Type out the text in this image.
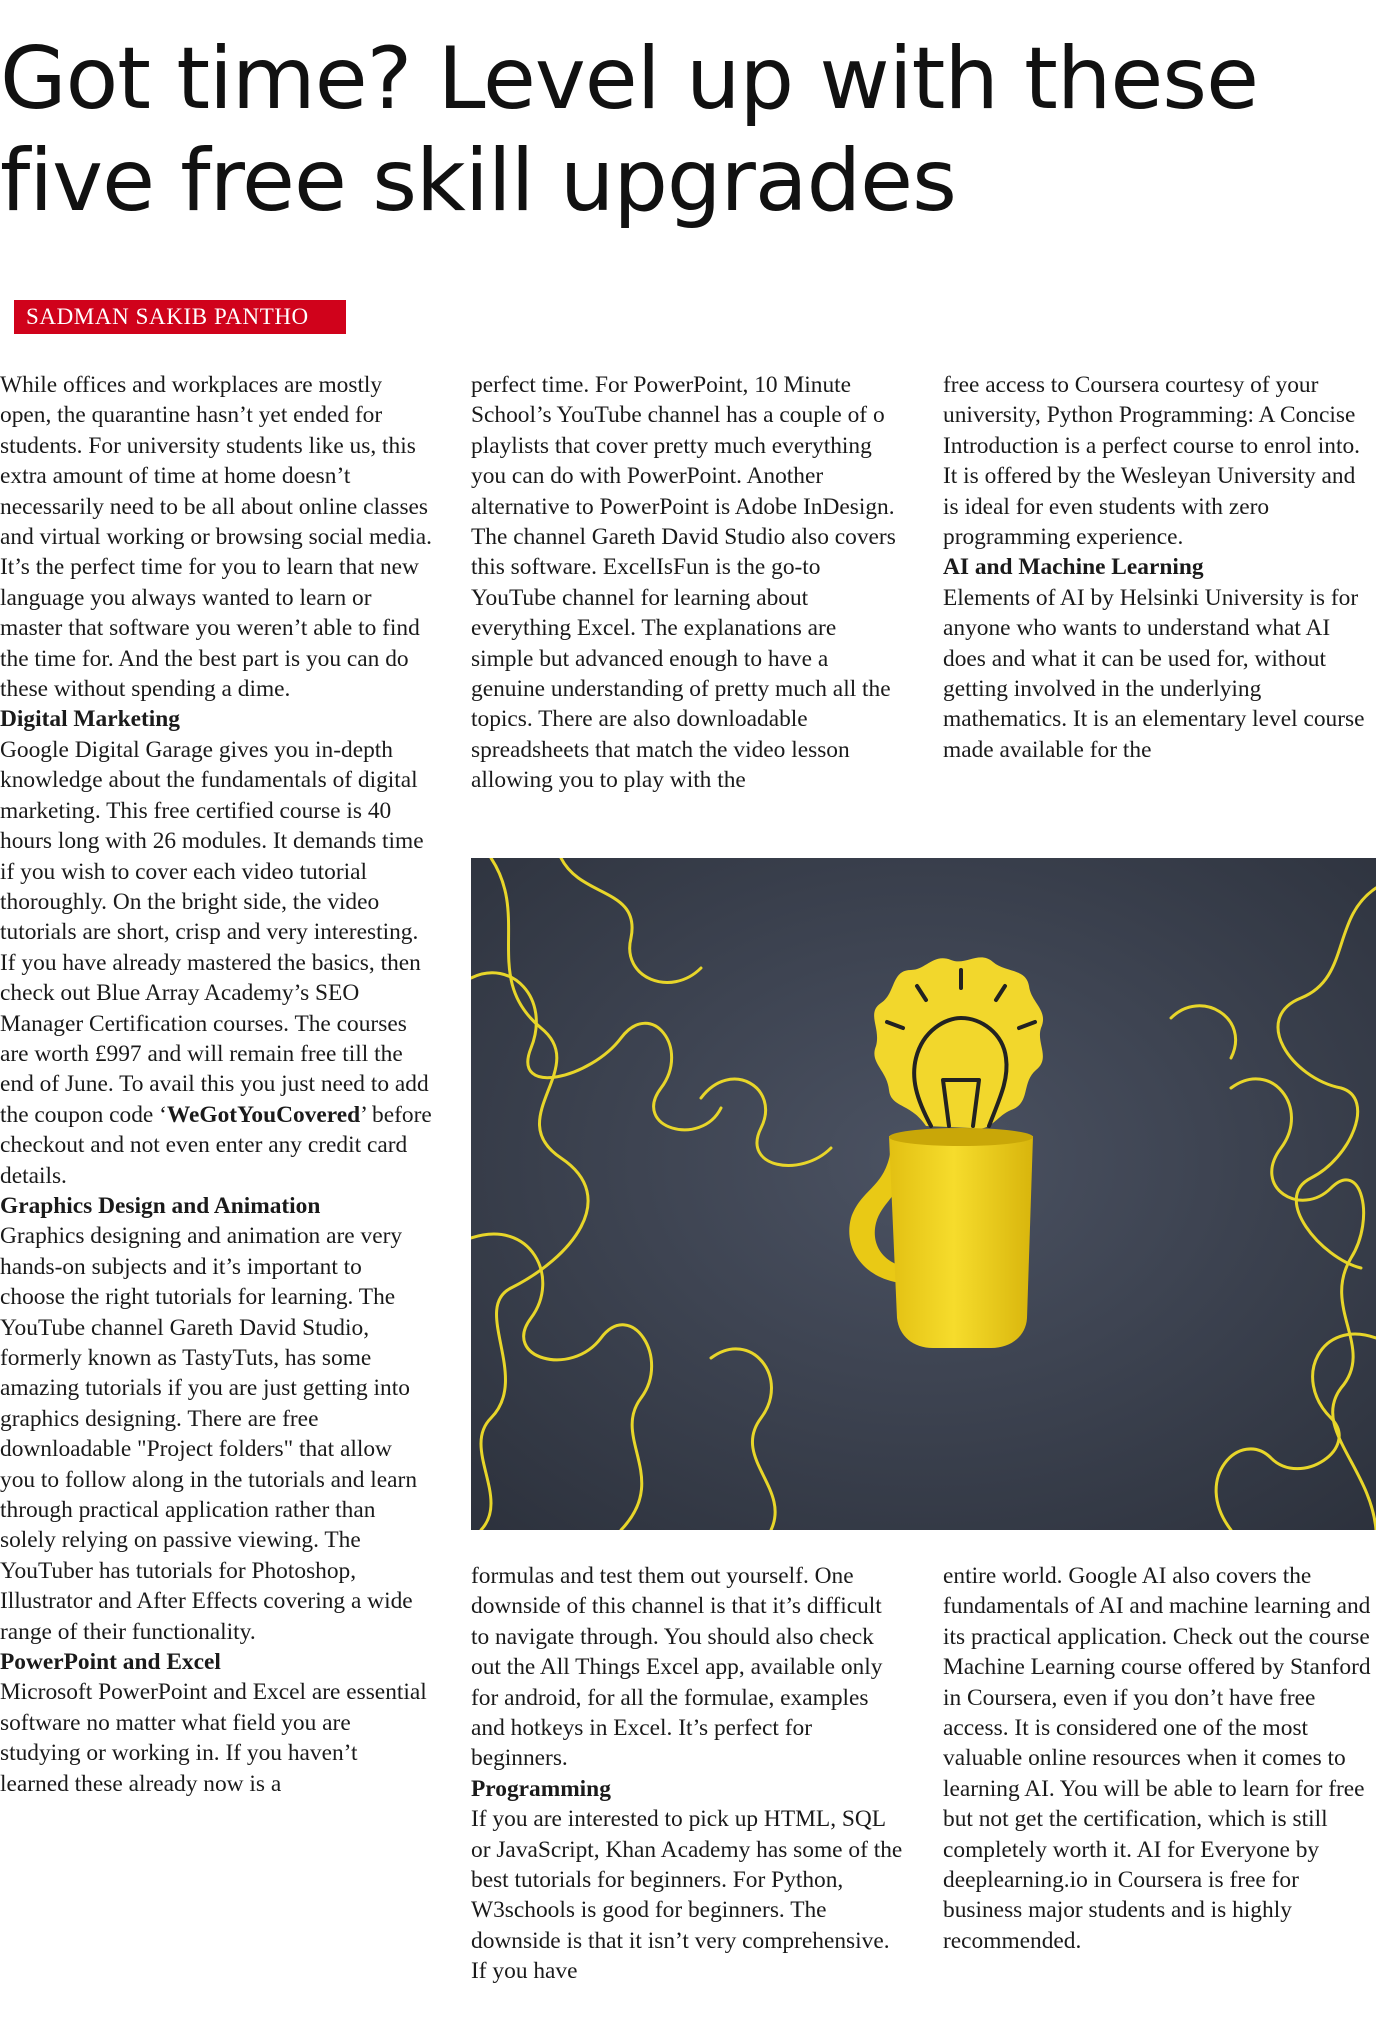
Got time? Level up with these five free skill upgrades
SADMAN SAKIB PANTHO

While offices and workplaces are mostly open, the quarantine hasn’t yet ended for students. For university students like us, this extra amount of time at home doesn’t necessarily need to be all about online classes and virtual working or browsing social media. It’s the perfect time for you to learn that new language you always wanted to learn or master that software you weren’t able to find the time for. And the best part is you can do these without spending a dime.

Digital Marketing

Google Digital Garage gives you in-depth knowledge about the fundamentals of digital marketing. This free certified course is 40 hours long with 26 modules. It demands time if you wish to cover each video tutorial thoroughly. On the bright side, the video tutorials are short, crisp and very interesting. If you have already mastered the basics, then check out Blue Array Academy’s SEO Manager Certification courses. The courses are worth £997 and will remain free till the end of June. To avail this you just need to add the coupon code ‘WeGotYouCovered’ before checkout and not even enter any credit card details.

Graphics Design and Animation

Graphics designing and animation are very hands-on subjects and it’s important to choose the right tutorials for learning. The YouTube channel Gareth David Studio, formerly known as TastyTuts, has some amazing tutorials if you are just getting into graphics designing. There are free downloadable "Project folders" that allow you to follow along in the tutorials and learn through practical application rather than solely relying on passive viewing. The YouTuber has tutorials for Photoshop, Illustrator and After Effects covering a wide range of their functionality.

PowerPoint and Excel

Microsoft PowerPoint and Excel are essential software no matter what field you are studying or working in. If you haven’t learned these already now is a

perfect time. For PowerPoint, 10 Minute School’s YouTube channel has a couple of o playlists that cover pretty much everything you can do with PowerPoint. Another alternative to PowerPoint is Adobe InDesign. The channel Gareth David Studio also covers this software. ExcelIsFun is the go-to YouTube channel for learning about everything Excel. The explanations are simple but advanced enough to have a genuine understanding of pretty much all the topics. There are also downloadable spreadsheets that match the video lesson allowing you to play with the

free access to Coursera courtesy of your university, Python Programming: A Concise Introduction is a perfect course to enrol into. It is offered by the Wesleyan University and is ideal for even students with zero programming experience.

AI and Machine Learning

Elements of AI by Helsinki University is for anyone who wants to understand what AI does and what it can be used for, without getting involved in the underlying mathematics. It is an elementary level course made available for the

formulas and test them out yourself. One downside of this channel is that it’s difficult to navigate through. You should also check out the All Things Excel app, available only for android, for all the formulae, examples and hotkeys in Excel. It’s perfect for beginners.

Programming

If you are interested to pick up HTML, SQL or JavaScript, Khan Academy has some of the best tutorials for beginners. For Python, W3schools is good for beginners. The downside is that it isn’t very comprehensive. If you have

entire world. Google AI also covers the fundamentals of AI and machine learning and its practical application. Check out the course Machine Learning course offered by Stanford in Coursera, even if you don’t have free access. It is considered one of the most valuable online resources when it comes to learning AI. You will be able to learn for free but not get the certification, which is still completely worth it. AI for Everyone by deeplearning.io in Coursera is free for business major students and is highly recommended.
